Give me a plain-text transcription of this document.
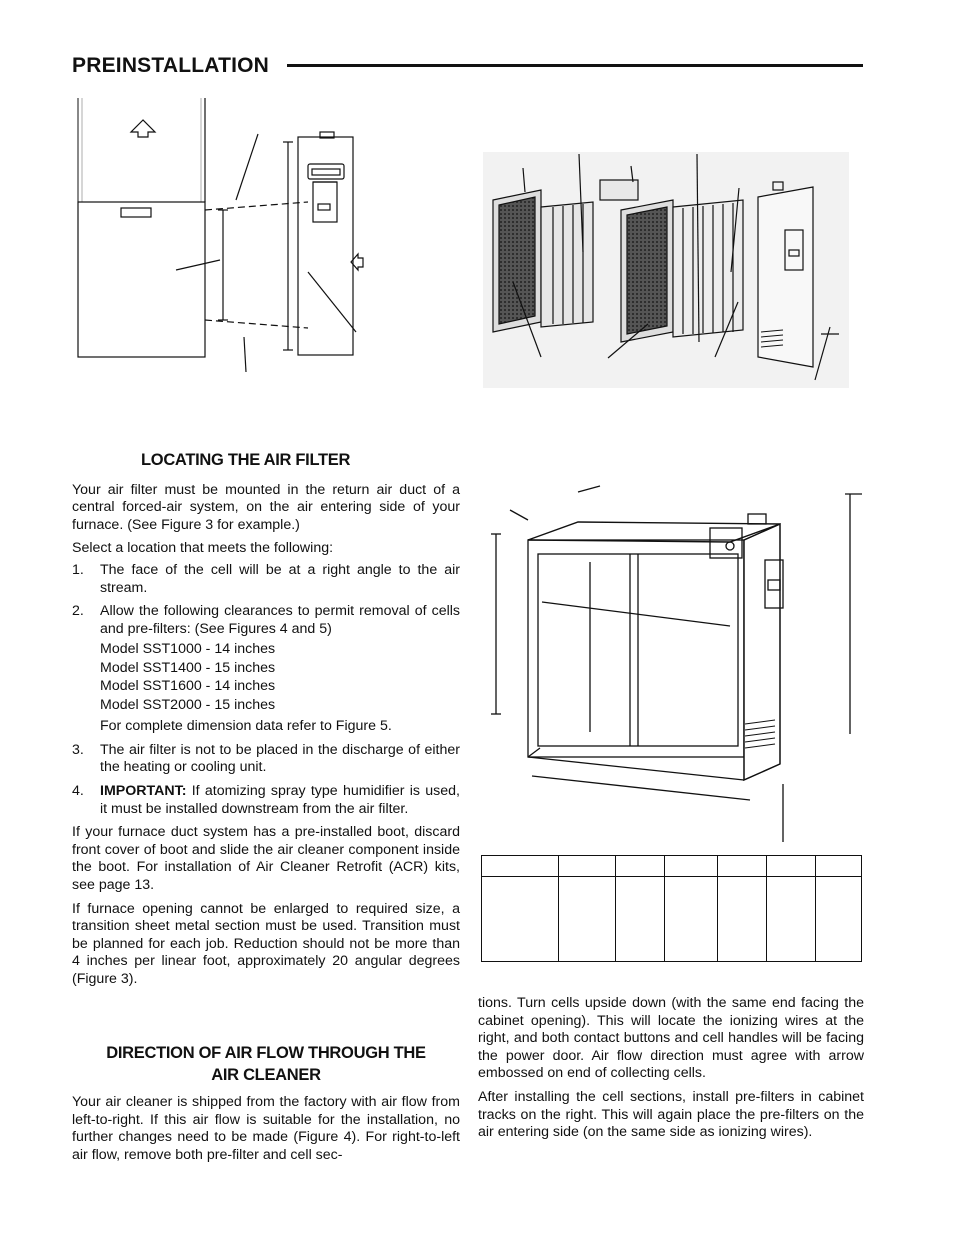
PREINSTALLATION

LOCATING THE AIR FILTER

Your air filter must be mounted in the return air duct of a central forced-air system, on the air entering side of your furnace. (See Figure 3 for example.)

Select a location that meets the following:

1. The face of the cell will be at a right angle to the air stream.
2. Allow the following clearances to permit removal of cells and pre-filters: (See Figures 4 and 5)
Model SST1000 - 14 inches
Model SST1400 - 15 inches
Model SST1600 - 14 inches
Model SST2000 - 15 inches
For complete dimension data refer to Figure 5.
3. The air filter is not to be placed in the discharge of either the heating or cooling unit.
4. IMPORTANT: If atomizing spray type humidifier is used, it must be installed downstream from the air filter.

If your furnace duct system has a pre-installed boot, discard front cover of boot and slide the air cleaner component inside the boot. For installation of Air Cleaner Retrofit (ACR) kits, see page 13.

If furnace opening cannot be enlarged to required size, a transition sheet metal section must be used. Transition must be planned for each job. Reduction should not be more than 4 inches per linear foot, approximately 20 angular degrees (Figure 3).

DIRECTION OF AIR FLOW THROUGH THE
AIR CLEANER

Your air cleaner is shipped from the factory with air flow from left-to-right. If this air flow is suitable for the installation, no further changes need to be made (Figure 4). For right-to-left air flow, remove both pre-filter and cell sec-

tions. Turn cells upside down (with the same end facing the cabinet opening). This will locate the ionizing wires at the right, and both contact buttons and cell handles will be facing the power door. Air flow direction must agree with arrow embossed on end of collecting cells.

After installing the cell sections, install pre-filters in cabinet tracks on the right. This will again place the pre-filters on the air entering side (on the same side as ionizing wires).
